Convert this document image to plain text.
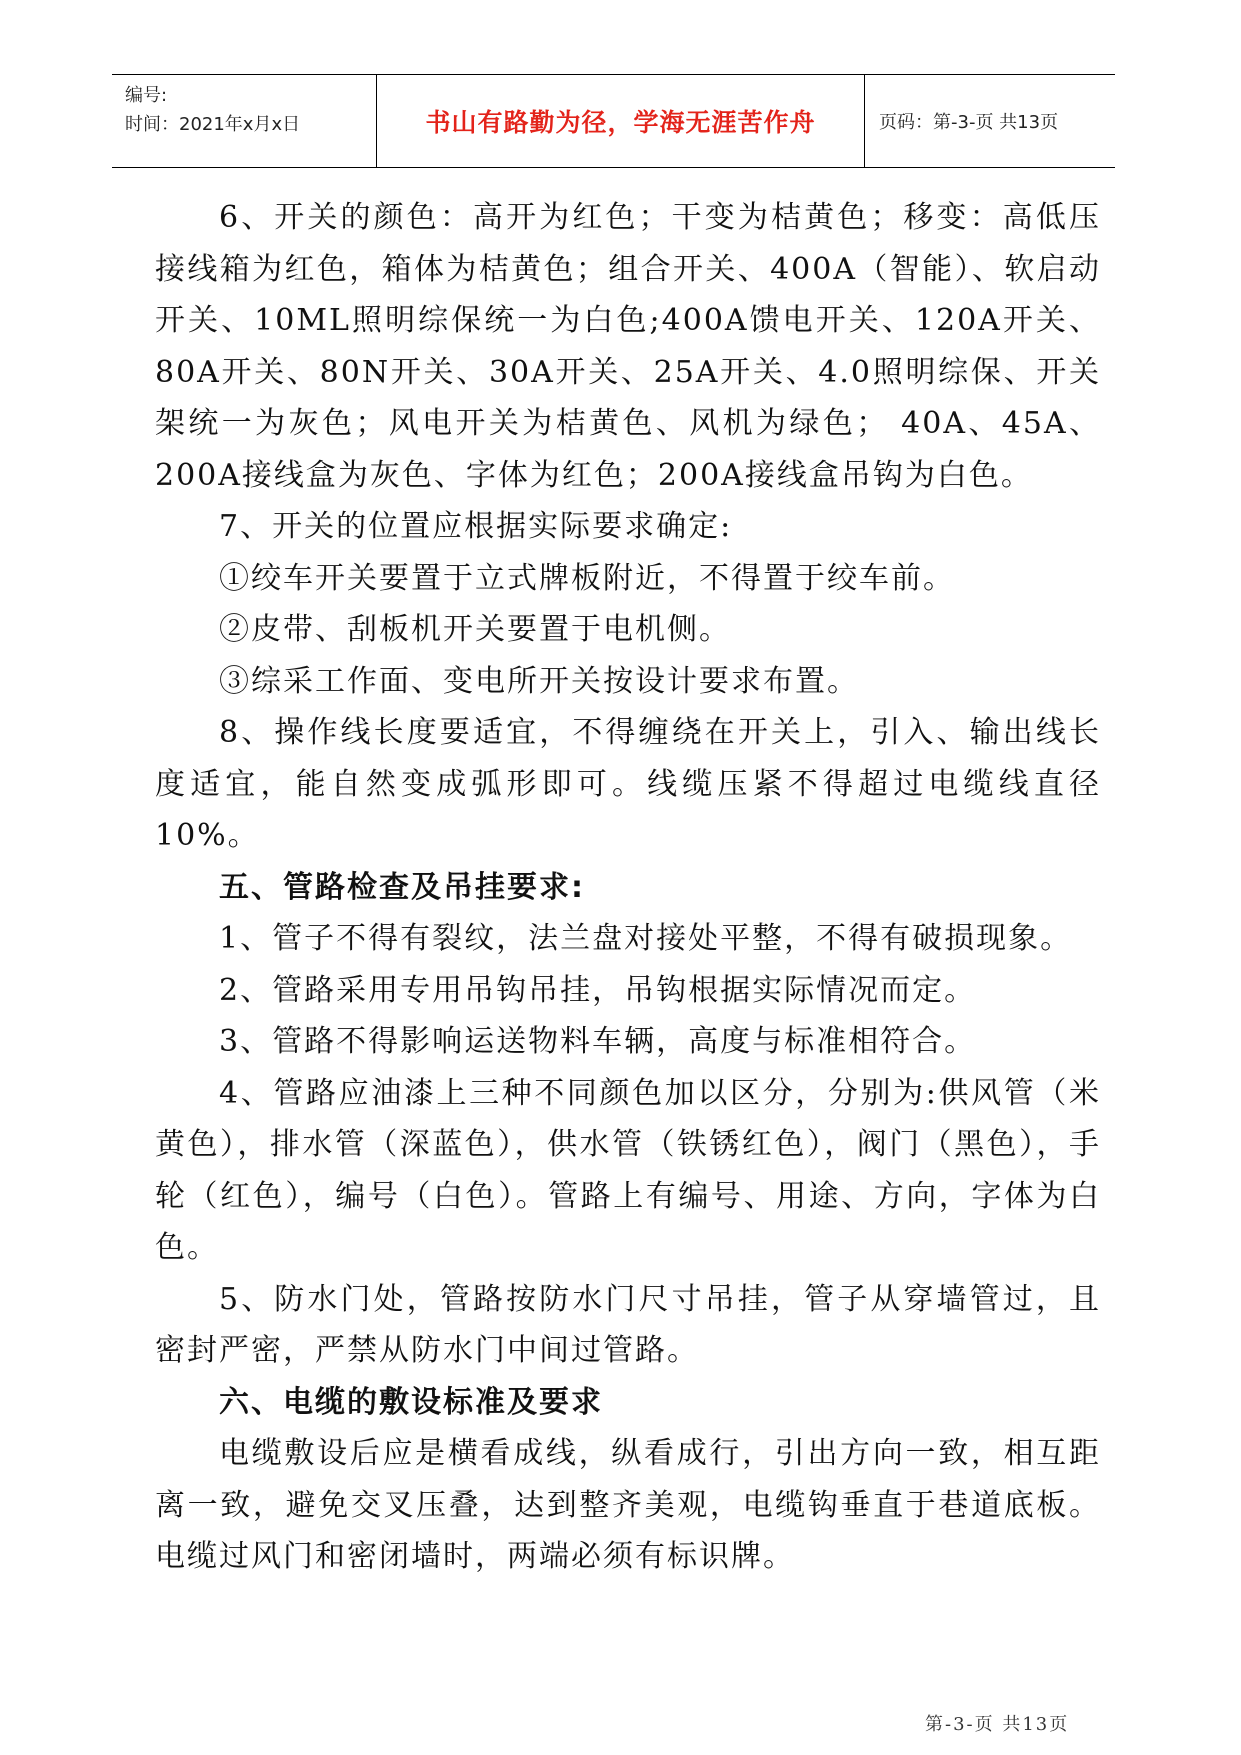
编号:
时间：2021年x月x日	书山有路勤为径，学海无涯苦作舟	页码：第-3-页 共13页

6、开关的颜色：高开为红色；干变为桔黄色；移变：高低压接线箱为红色，箱体为桔黄色；组合开关、400A（智能）、软启动开关、10ML照明综保统一为白色;400A馈电开关、120A开关、80A开关、80N开关、30A开关、25A开关、4.0照明综保、开关架统一为灰色；风电开关为桔黄色、风机为绿色； 40A、45A、200A接线盒为灰色、字体为红色；200A接线盒吊钩为白色。

7、开关的位置应根据实际要求确定:

①绞车开关要置于立式牌板附近，不得置于绞车前。

②皮带、刮板机开关要置于电机侧。

③综采工作面、变电所开关按设计要求布置。

8、操作线长度要适宜，不得缠绕在开关上，引入、输出线长度适宜，能自然变成弧形即可。线缆压紧不得超过电缆线直径10%。

五、管路检查及吊挂要求:

1、管子不得有裂纹，法兰盘对接处平整，不得有破损现象。

2、管路采用专用吊钩吊挂，吊钩根据实际情况而定。

3、管路不得影响运送物料车辆，高度与标准相符合。

4、管路应油漆上三种不同颜色加以区分，分别为:供风管（米黄色），排水管（深蓝色），供水管（铁锈红色），阀门（黑色），手轮（红色），编号（白色）。管路上有编号、用途、方向，字体为白色。

5、防水门处，管路按防水门尺寸吊挂，管子从穿墙管过，且密封严密，严禁从防水门中间过管路。

六、电缆的敷设标准及要求

电缆敷设后应是横看成线，纵看成行，引出方向一致，相互距离一致，避免交叉压叠，达到整齐美观，电缆钩垂直于巷道底板。电缆过风门和密闭墙时，两端必须有标识牌。

第-3-页 共13页
